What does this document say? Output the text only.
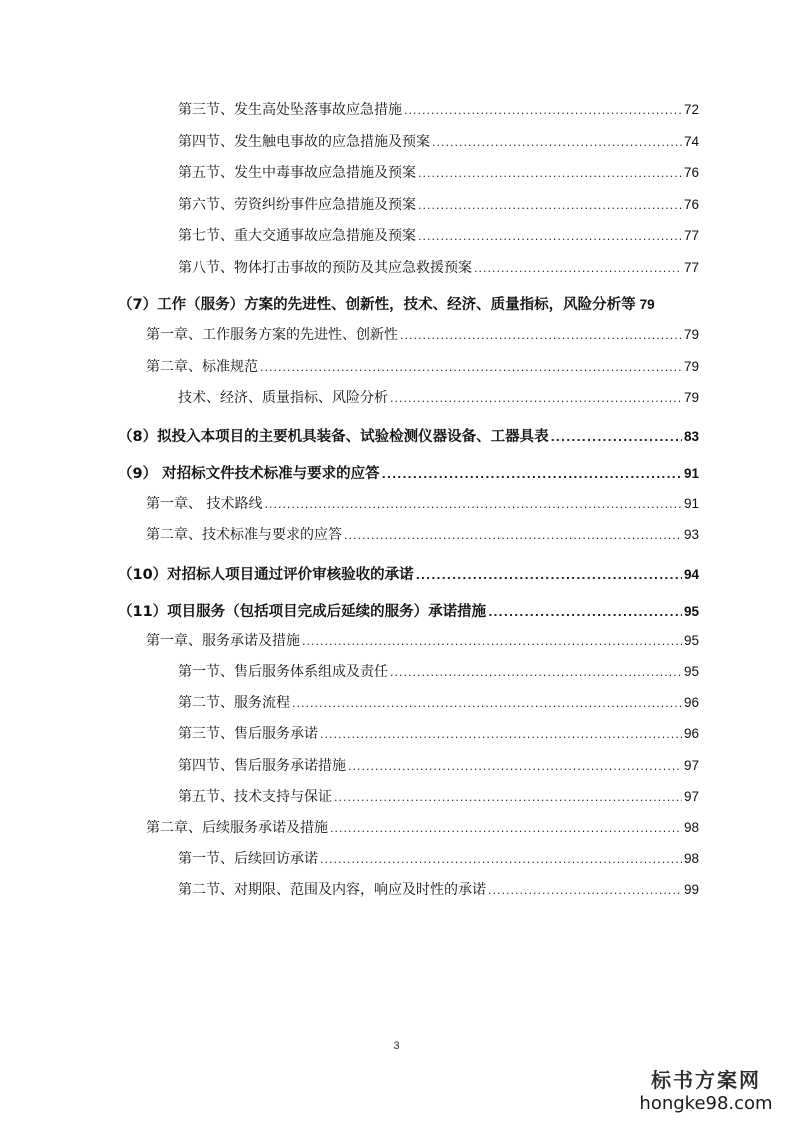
第三节、发生高处坠落事故应急措施 .....	72
第四节、发生触电事故的应急措施及预案 .....	74
第五节、发生中毒事故应急措施及预案 .....	76
第六节、劳资纠纷事件应急措施及预案 .....	76
第七节、重大交通事故应急措施及预案 .....	77
第八节、物体打击事故的预防及其应急救援预案 .....	77
（7）工作（服务）方案的先进性、创新性，技术、经济、质量指标，风险分析等 79
第一章、工作服务方案的先进性、创新性 .....	79
第二章、标准规范 .....	79
技术、经济、质量指标、风险分析 .....	79
（8）拟投入本项目的主要机具装备、试验检测仪器设备、工器具表 .....	83
（9） 对招标文件技术标准与要求的应答 .....	91
第一章、 技术路线 .....	91
第二章、技术标准与要求的应答 .....	93
（10）对招标人项目通过评价审核验收的承诺 .....	94
（11）项目服务（包括项目完成后延续的服务）承诺措施 .....	95
第一章、服务承诺及措施 .....	95
第一节、售后服务体系组成及责任 .....	95
第二节、服务流程 .....	96
第三节、售后服务承诺 .....	96
第四节、售后服务承诺措施 .....	97
第五节、技术支持与保证 .....	97
第二章、后续服务承诺及措施 .....	98
第一节、后续回访承诺 .....	98
第二节、对期限、范围及内容，响应及时性的承诺 .....	99
3
标书方案网
hongke98.com
